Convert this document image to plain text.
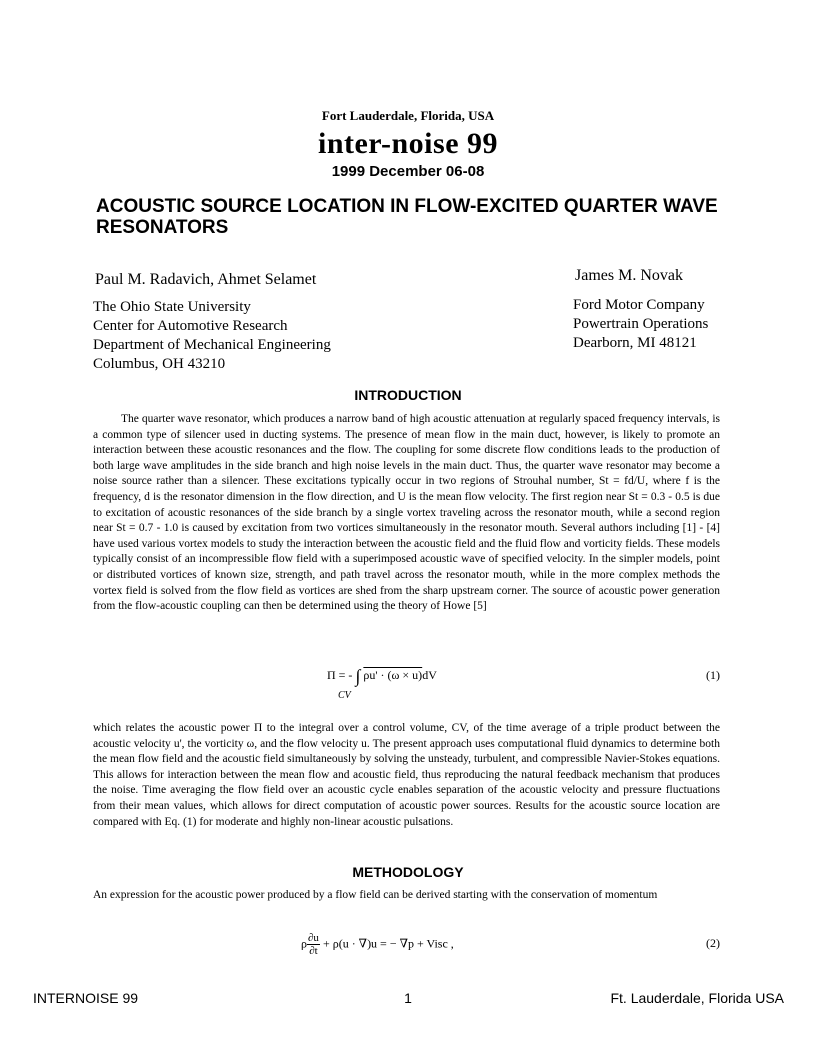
Fort Lauderdale, Florida, USA
inter-noise 99
1999 December 06-08
ACOUSTIC SOURCE LOCATION IN FLOW-EXCITED QUARTER WAVE RESONATORS
Paul M. Radavich, Ahmet Selamet	James M. Novak
The Ohio State University
Center for Automotive Research
Department of Mechanical Engineering
Columbus, OH 43210
Ford Motor Company
Powertrain Operations
Dearborn, MI 48121
INTRODUCTION
The quarter wave resonator, which produces a narrow band of high acoustic attenuation at regularly spaced frequency intervals, is a common type of silencer used in ducting systems. The presence of mean flow in the main duct, however, is likely to promote an interaction between these acoustic resonances and the flow. The coupling for some discrete flow conditions leads to the production of both large wave amplitudes in the side branch and high noise levels in the main duct. Thus, the quarter wave resonator may become a noise source rather than a silencer. These excitations typically occur in two regions of Strouhal number, St = fd/U, where f is the frequency, d is the resonator dimension in the flow direction, and U is the mean flow velocity. The first region near St = 0.3 - 0.5 is due to excitation of acoustic resonances of the side branch by a single vortex traveling across the resonator mouth, while a second region near St = 0.7 - 1.0 is caused by excitation from two vortices simultaneously in the resonator mouth. Several authors including [1] - [4] have used various vortex models to study the interaction between the acoustic field and the fluid flow and vorticity fields. These models typically consist of an incompressible flow field with a superimposed acoustic wave of specified velocity. In the simpler models, point or distributed vortices of known size, strength, and path travel across the resonator mouth, while in the more complex methods the vortex field is solved from the flow field as vortices are shed from the sharp upstream corner. The source of acoustic power generation from the flow-acoustic coupling can then be determined using the theory of Howe [5]
Π = - ∫ ρu' · (ω × u)dV
CV
(1)
which relates the acoustic power Π to the integral over a control volume, CV, of the time average of a triple product between the acoustic velocity u', the vorticity ω, and the flow velocity u. The present approach uses computational fluid dynamics to determine both the mean flow field and the acoustic field simultaneously by solving the unsteady, turbulent, and compressible Navier-Stokes equations. This allows for interaction between the mean flow and acoustic field, thus reproducing the natural feedback mechanism that produces the noise. Time averaging the flow field over an acoustic cycle enables separation of the acoustic velocity and pressure fluctuations from their mean values, which allows for direct computation of acoustic power sources. Results for the acoustic source location are compared with Eq. (1) for moderate and highly non-linear acoustic pulsations.
METHODOLOGY
An expression for the acoustic power produced by a flow field can be derived starting with the conservation of momentum
ρ $\frac{\partial u}{\partial t} + \rho(u \cdot \nabla)u$ = − ∇p + Visc ,	(2)
INTERNOISE 99	1	Ft. Lauderdale, Florida USA
